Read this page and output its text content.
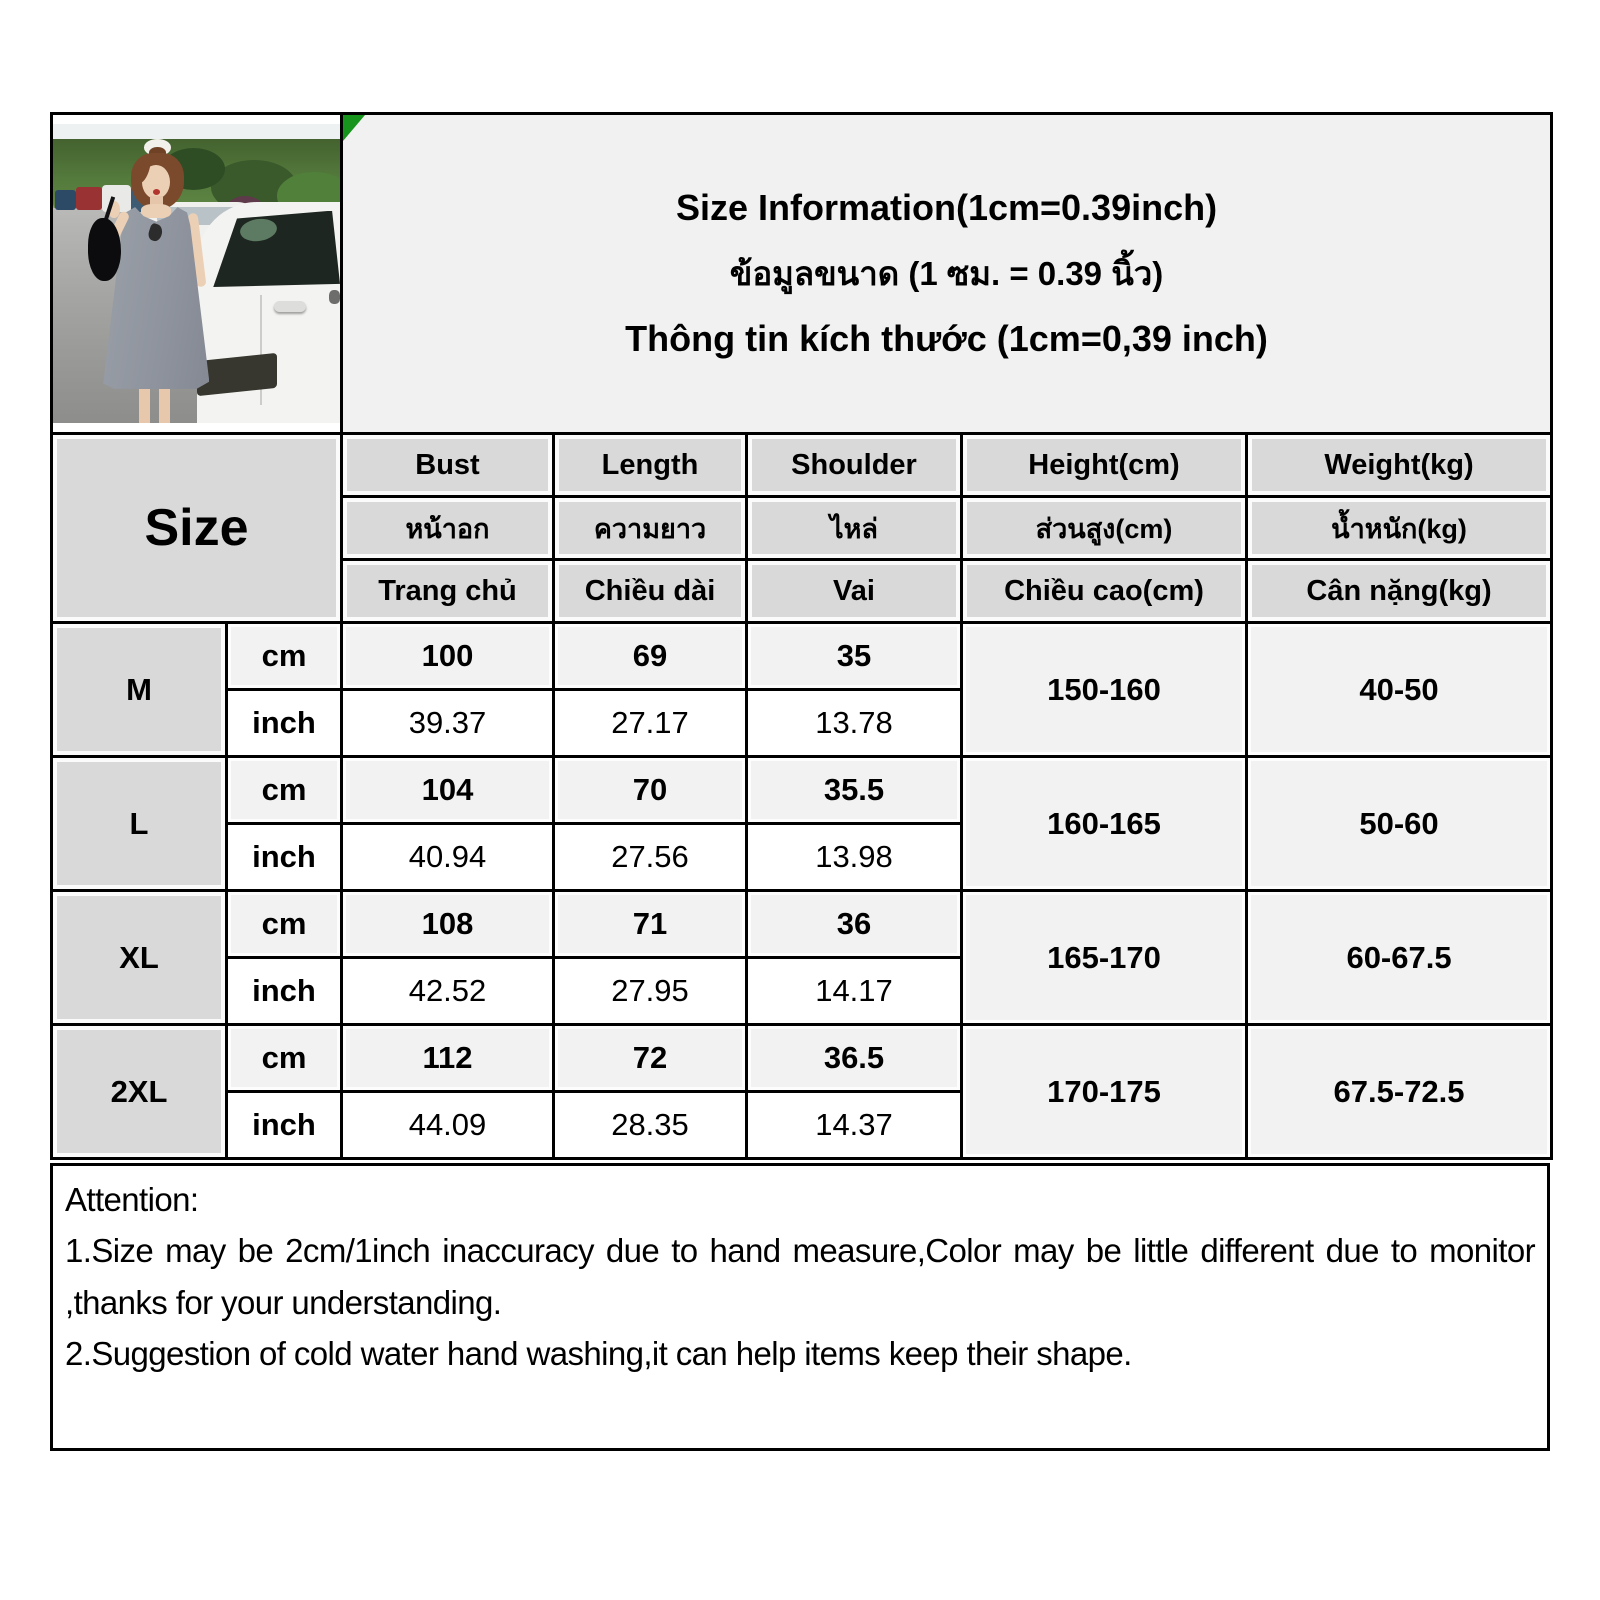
		Size Information(1cm=0.39inch)
ข้อมูลขนาด (1 ซม. = 0.39 นิ้ว)
Thông tin kích thước (1cm=0,39 inch)				

Size		Bust	Length	Shoulder	Height(cm)	Weight(kg)
		หน้าอก	ความยาว	ไหล่	ส่วนสูง(cm)	น้ำหนัก(kg)
		Trang chủ	Chiều dài	Vai	Chiều cao(cm)	Cân nặng(kg)
M	cm	100	69	35	150-160	40-50
	inch	39.37	27.17	13.78		
L	cm	104	70	35.5	160-165	50-60
	inch	40.94	27.56	13.98		
XL	cm	108	71	36	165-170	60-67.5
	inch	42.52	27.95	14.17		
2XL	cm	112	72	36.5	170-175	67.5-72.5
	inch	44.09	28.35	14.37		
Attention:
1.Size may be 2cm/1inch inaccuracy due to hand measure,Color may be little different due to monitor ,thanks for your understanding.
2.Suggestion of cold water hand washing,it can help items keep their shape.
